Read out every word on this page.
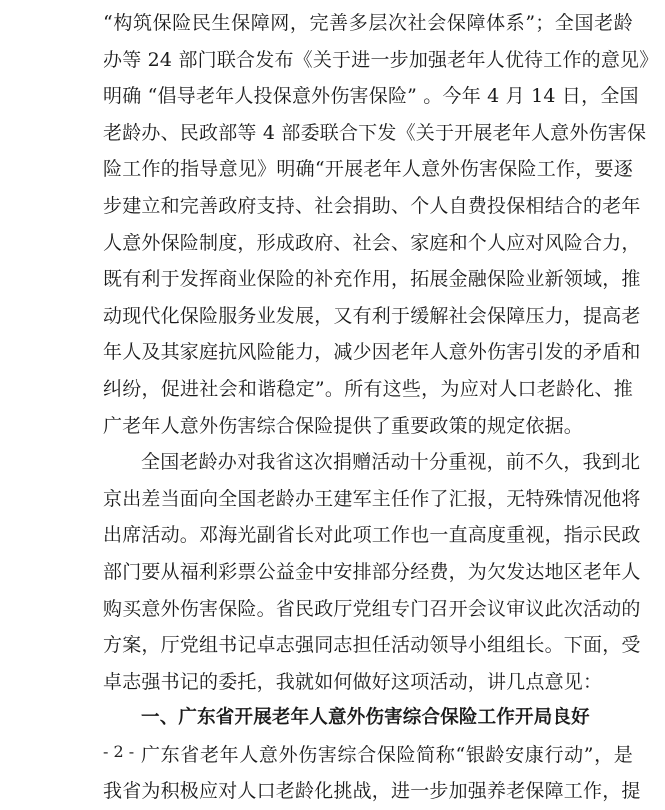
“构筑保险民生保障网，完善多层次社会保障体系”；全国老龄
办等 24 部门联合发布《关于进一步加强老年人优待工作的意见》
明确 “倡导老年人投保意外伤害保险” 。今年 4 月 14 日，全国
老龄办、民政部等 4 部委联合下发《关于开展老年人意外伤害保
险工作的指导意见》明确“开展老年人意外伤害保险工作，要逐
步建立和完善政府支持、社会捐助、个人自费投保相结合的老年
人意外保险制度，形成政府、社会、家庭和个人应对风险合力，
既有利于发挥商业保险的补充作用，拓展金融保险业新领域，推
动现代化保险服务业发展，又有利于缓解社会保障压力，提高老
年人及其家庭抗风险能力，减少因老年人意外伤害引发的矛盾和
纠纷，促进社会和谐稳定”。所有这些，为应对人口老龄化、推
广老年人意外伤害综合保险提供了重要政策的规定依据。
全国老龄办对我省这次捐赠活动十分重视，前不久，我到北
京出差当面向全国老龄办王建军主任作了汇报，无特殊情况他将
出席活动。邓海光副省长对此项工作也一直高度重视，指示民政
部门要从福利彩票公益金中安排部分经费，为欠发达地区老年人
购买意外伤害保险。省民政厅党组专门召开会议审议此次活动的
方案，厅党组书记卓志强同志担任活动领导小组组长。下面，受
卓志强书记的委托，我就如何做好这项活动，讲几点意见：
一、广东省开展老年人意外伤害综合保险工作开局良好
广东省老年人意外伤害综合保险简称“银龄安康行动”，是
我省为积极应对人口老龄化挑战，进一步加强养老保障工作，提
- 2 -
